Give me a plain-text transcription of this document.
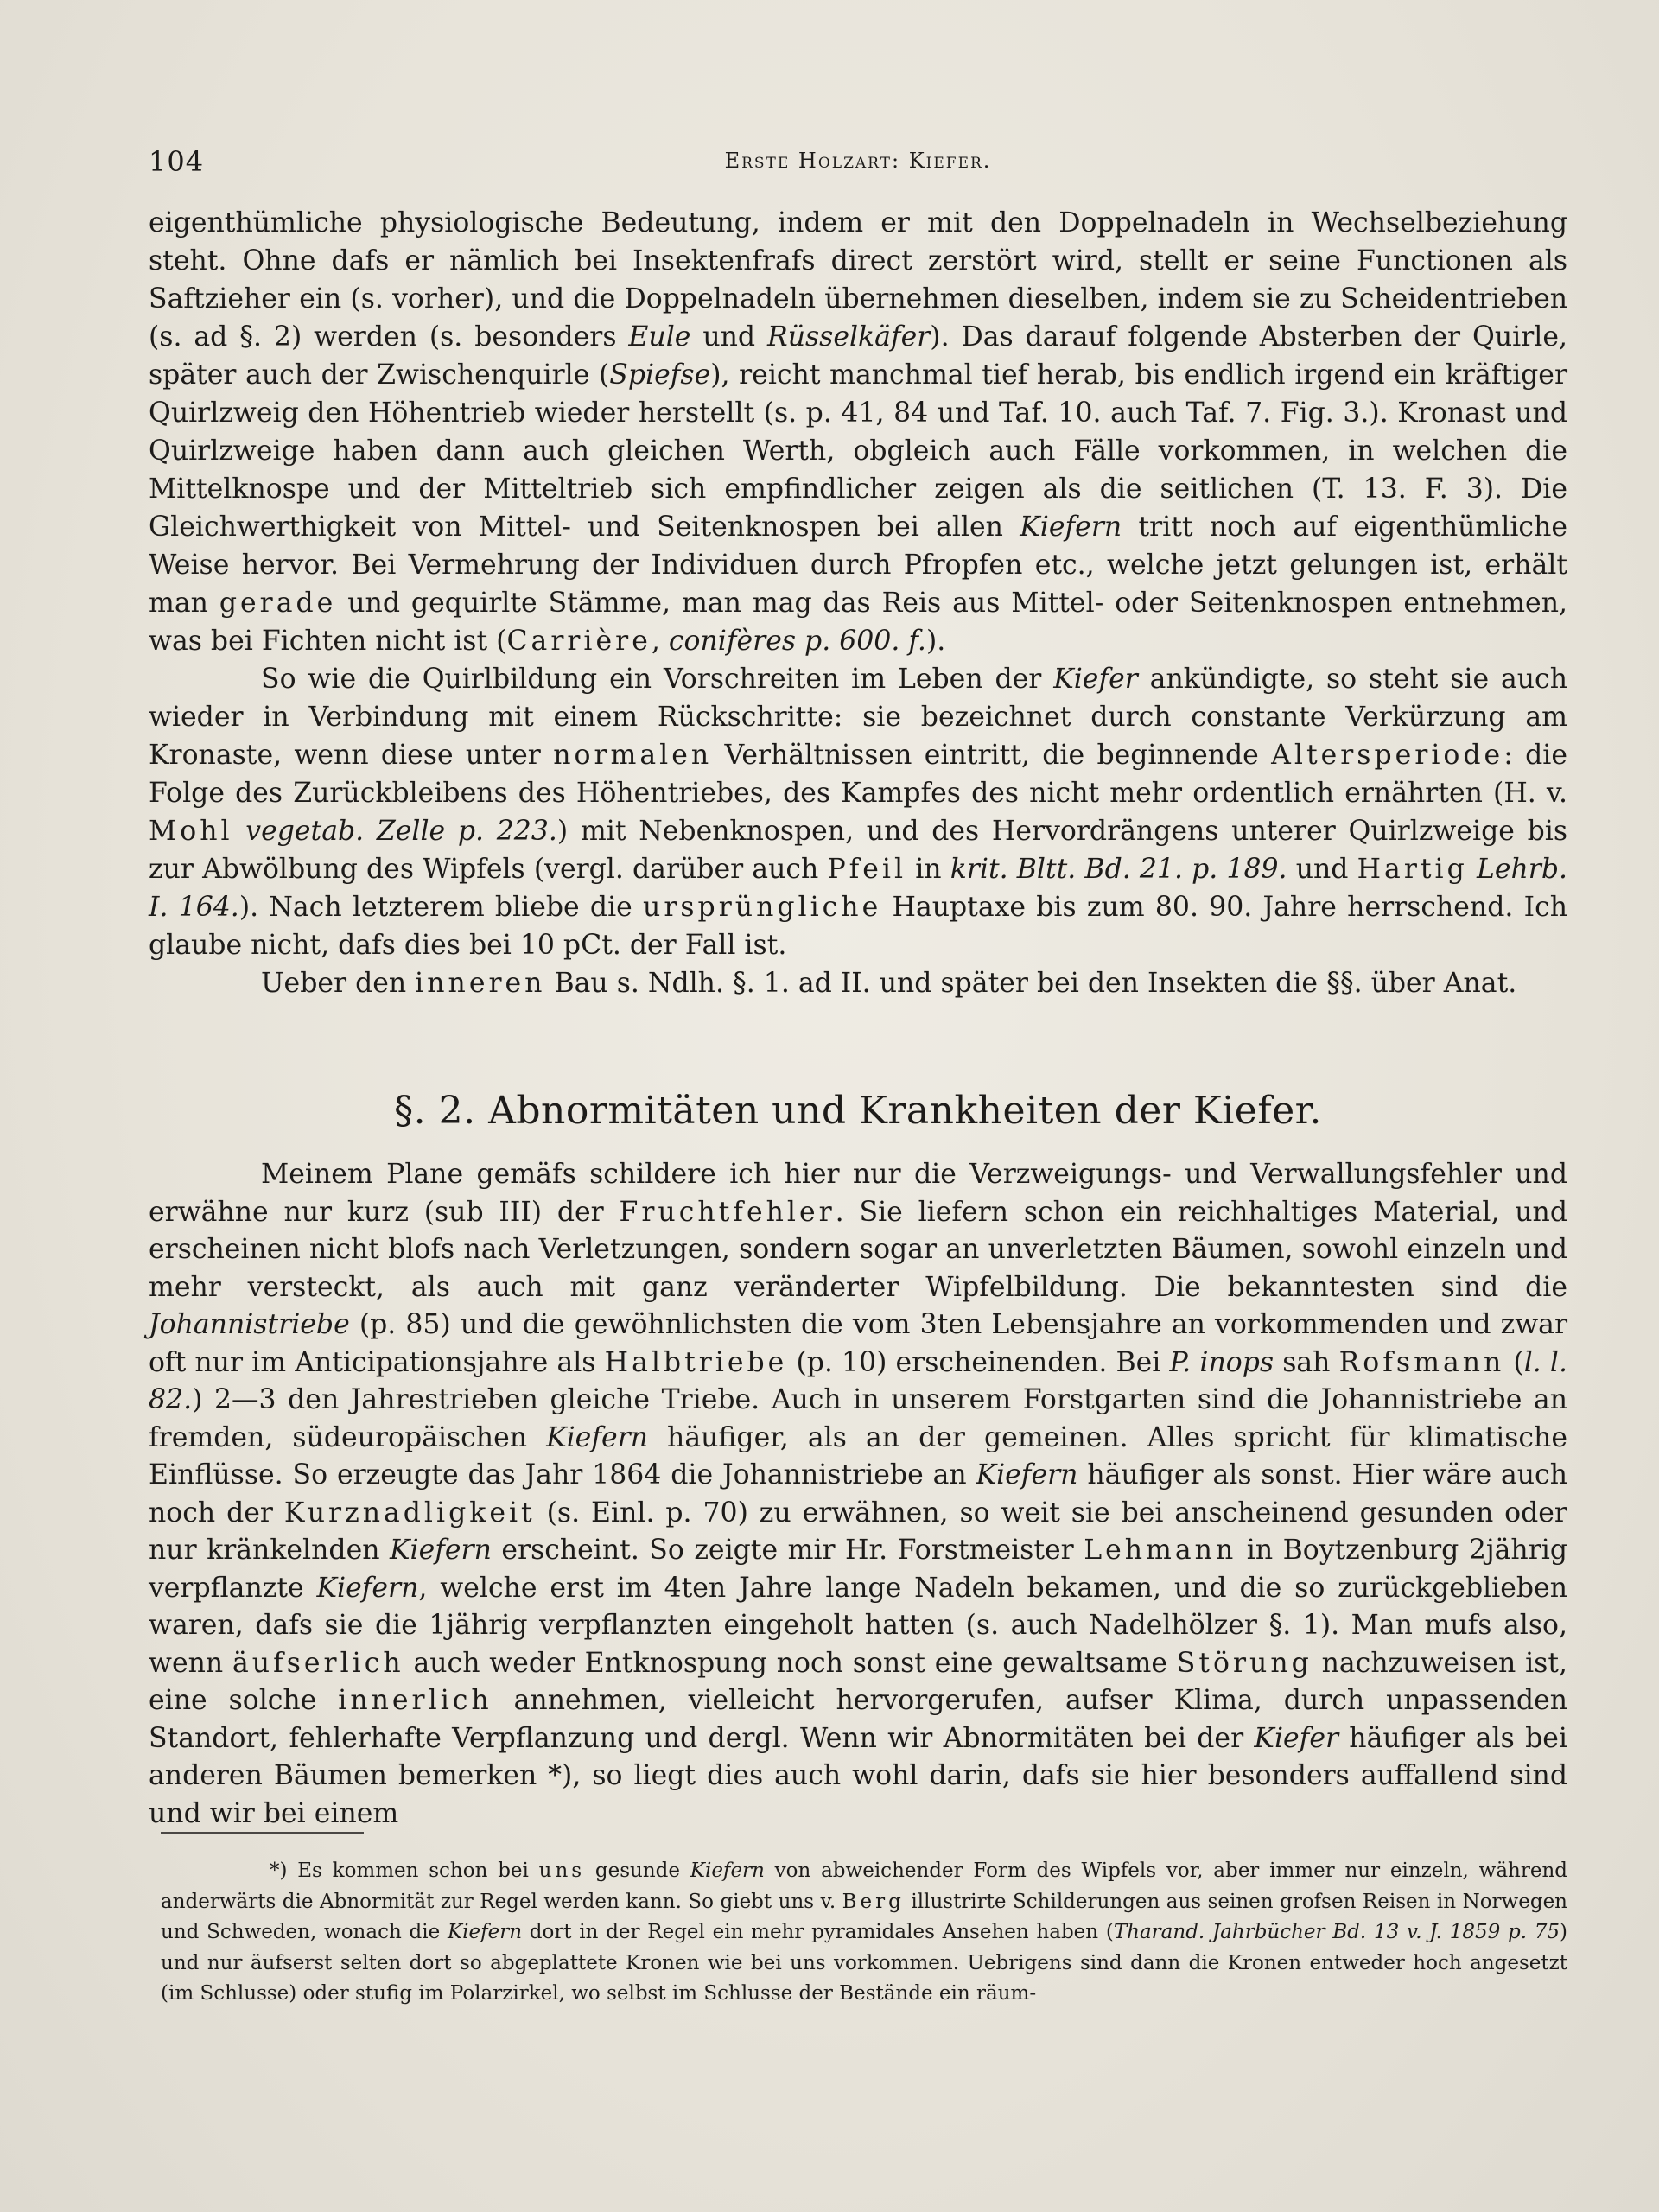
104	Erste Holzart: Kiefer.

eigenthümliche physiologische Bedeutung, indem er mit den Doppelnadeln in Wechselbeziehung steht. Ohne dafs er nämlich bei Insektenfrafs direct zerstört wird, stellt er seine Functionen als Saftzieher ein (s. vorher), und die Doppelnadeln übernehmen dieselben, indem sie zu Scheidentrieben (s. ad §. 2) werden (s. besonders Eule und Rüsselkäfer). Das darauf folgende Absterben der Quirle, später auch der Zwischenquirle (Spiefse), reicht manchmal tief herab, bis endlich irgend ein kräftiger Quirlzweig den Höhentrieb wieder herstellt (s. p. 41, 84 und Taf. 10. auch Taf. 7. Fig. 3.). Kronast und Quirlzweige haben dann auch gleichen Werth, obgleich auch Fälle vorkommen, in welchen die Mittelknospe und der Mitteltrieb sich empfindlicher zeigen als die seitlichen (T. 13. F. 3). Die Gleichwerthigkeit von Mittel- und Seitenknospen bei allen Kiefern tritt noch auf eigenthümliche Weise hervor. Bei Vermehrung der Individuen durch Pfropfen etc., welche jetzt gelungen ist, erhält man gerade und gequirlte Stämme, man mag das Reis aus Mittel- oder Seitenknospen entnehmen, was bei Fichten nicht ist (Carrière, conifères p. 600. f.).

So wie die Quirlbildung ein Vorschreiten im Leben der Kiefer ankündigte, so steht sie auch wieder in Verbindung mit einem Rückschritte: sie bezeichnet durch constante Verkürzung am Kronaste, wenn diese unter normalen Verhältnissen eintritt, die beginnende Altersperiode: die Folge des Zurückbleibens des Höhentriebes, des Kampfes des nicht mehr ordentlich ernährten (H. v. Mohl vegetab. Zelle p. 223.) mit Nebenknospen, und des Hervordrängens unterer Quirlzweige bis zur Abwölbung des Wipfels (vergl. darüber auch Pfeil in krit. Bltt. Bd. 21. p. 189. und Hartig Lehrb. I. 164.). Nach letzterem bliebe die ursprüngliche Hauptaxe bis zum 80. 90. Jahre herrschend. Ich glaube nicht, dafs dies bei 10 pCt. der Fall ist.

Ueber den inneren Bau s. Ndlh. §. 1. ad II. und später bei den Insekten die §§. über Anat.

§. 2. Abnormitäten und Krankheiten der Kiefer.

Meinem Plane gemäfs schildere ich hier nur die Verzweigungs- und Verwallungsfehler und erwähne nur kurz (sub III) der Fruchtfehler. Sie liefern schon ein reichhaltiges Material, und erscheinen nicht blofs nach Verletzungen, sondern sogar an unverletzten Bäumen, sowohl einzeln und mehr versteckt, als auch mit ganz veränderter Wipfelbildung. Die bekanntesten sind die Johannistriebe (p. 85) und die gewöhnlichsten die vom 3ten Lebensjahre an vorkommenden und zwar oft nur im Anticipationsjahre als Halbtriebe (p. 10) erscheinenden. Bei P. inops sah Rofsmann (l. l. 82.) 2—3 den Jahrestrieben gleiche Triebe. Auch in unserem Forstgarten sind die Johannistriebe an fremden, südeuropäischen Kiefern häufiger, als an der gemeinen. Alles spricht für klimatische Einflüsse. So erzeugte das Jahr 1864 die Johannistriebe an Kiefern häufiger als sonst. Hier wäre auch noch der Kurznadligkeit (s. Einl. p. 70) zu erwähnen, so weit sie bei anscheinend gesunden oder nur kränkelnden Kiefern erscheint. So zeigte mir Hr. Forstmeister Lehmann in Boytzenburg 2jährig verpflanzte Kiefern, welche erst im 4ten Jahre lange Nadeln bekamen, und die so zurückgeblieben waren, dafs sie die 1jährig verpflanzten eingeholt hatten (s. auch Nadelhölzer §. 1). Man mufs also, wenn äufserlich auch weder Entknospung noch sonst eine gewaltsame Störung nachzuweisen ist, eine solche innerlich annehmen, vielleicht hervorgerufen, aufser Klima, durch unpassenden Standort, fehlerhafte Verpflanzung und dergl. Wenn wir Abnormitäten bei der Kiefer häufiger als bei anderen Bäumen bemerken *), so liegt dies auch wohl darin, dafs sie hier besonders auffallend sind und wir bei einem

*) Es kommen schon bei uns gesunde Kiefern von abweichender Form des Wipfels vor, aber immer nur einzeln, während anderwärts die Abnormität zur Regel werden kann. So giebt uns v. Berg illustrirte Schilderungen aus seinen grofsen Reisen in Norwegen und Schweden, wonach die Kiefern dort in der Regel ein mehr pyramidales Ansehen haben (Tharand. Jahrbücher Bd. 13 v. J. 1859 p. 75) und nur äufserst selten dort so abgeplattete Kronen wie bei uns vorkommen. Uebrigens sind dann die Kronen entweder hoch angesetzt (im Schlusse) oder stufig im Polarzirkel, wo selbst im Schlusse der Bestände ein räum-
